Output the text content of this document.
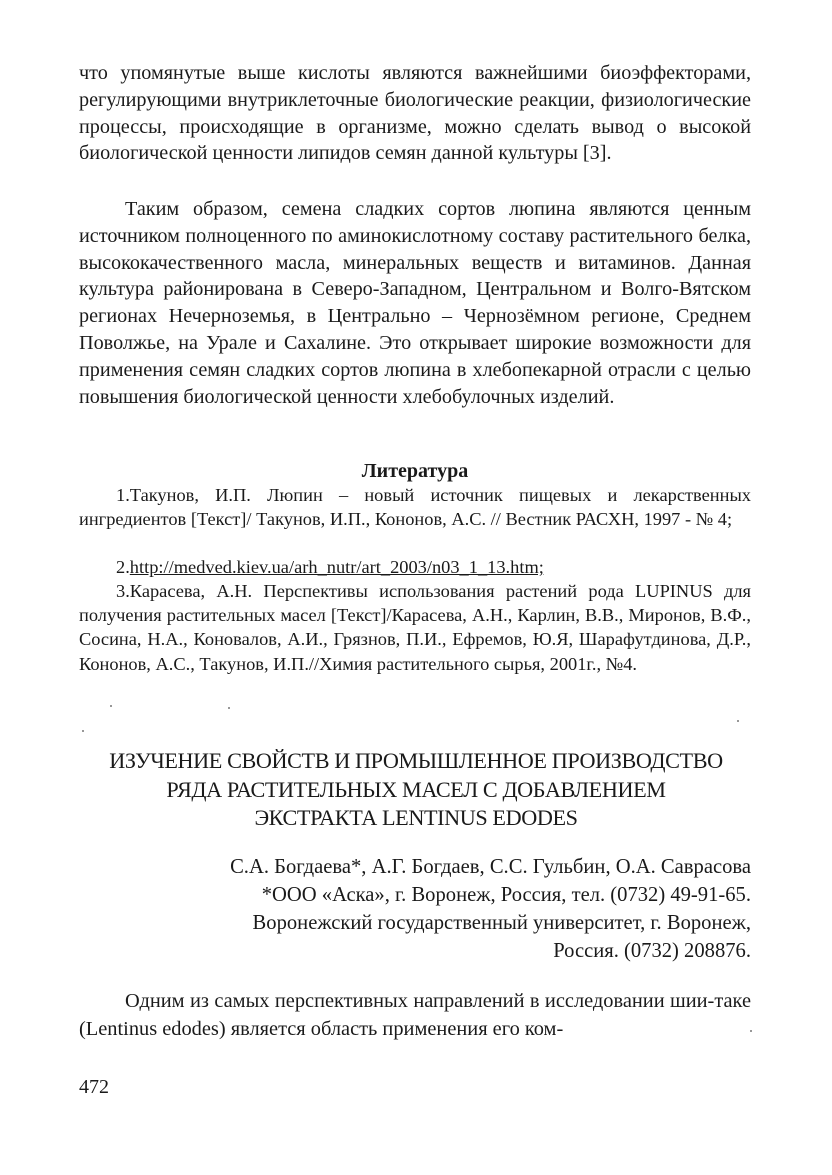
что упомянутые выше кислоты являются важнейшими биоэффекторами, регулирующими внутриклеточные биологические реакции, физиологические процессы, происходящие в организме, можно сделать вывод о высокой биологической ценности липидов семян данной культуры [3].
Таким образом, семена сладких сортов люпина являются ценным источником полноценного по аминокислотному составу растительного белка, высококачественного масла, минеральных веществ и витаминов. Данная культура районирована в Северо-Западном, Центральном и Волго-Вятском регионах Нечерноземья, в Центрально – Чернозёмном регионе, Среднем Поволжье, на Урале и Сахалине. Это открывает широкие возможности для применения семян сладких сортов люпина в хлебопекарной отрасли с целью повышения биологической ценности хлебобулочных изделий.
Литература
1.Такунов, И.П. Люпин – новый источник пищевых и лекарственных ингредиентов [Текст]/ Такунов, И.П., Кононов, А.С. // Вестник РАСХН, 1997 - № 4;
2.http://medved.kiev.ua/arh_nutr/art_2003/n03_1_13.htm;
3.Карасева, А.Н. Перспективы использования растений рода LUPINUS для получения растительных масел [Текст]/Карасева, А.Н., Карлин, В.В., Миронов, В.Ф., Сосина, Н.А., Коновалов, А.И., Грязнов, П.И., Ефремов, Ю.Я, Шарафутдинова, Д.Р., Кононов, А.С., Такунов, И.П.//Химия растительного сырья, 2001г., №4.
ИЗУЧЕНИЕ СВОЙСТВ И ПРОМЫШЛЕННОЕ ПРОИЗВОДСТВО
РЯДА РАСТИТЕЛЬНЫХ МАСЕЛ С ДОБАВЛЕНИЕМ
ЭКСТРАКТА LENTINUS EDODES
С.А. Богдаева*, А.Г. Богдаев, С.С. Гульбин, О.А. Саврасова
*ООО «Аска», г. Воронеж, Россия, тел. (0732) 49-91-65.
Воронежский государственный университет, г. Воронеж,
Россия. (0732) 208876.
Одним из самых перспективных направлений в исследовании шии-таке (Lentinus edodes) является область применения его ком-
472
